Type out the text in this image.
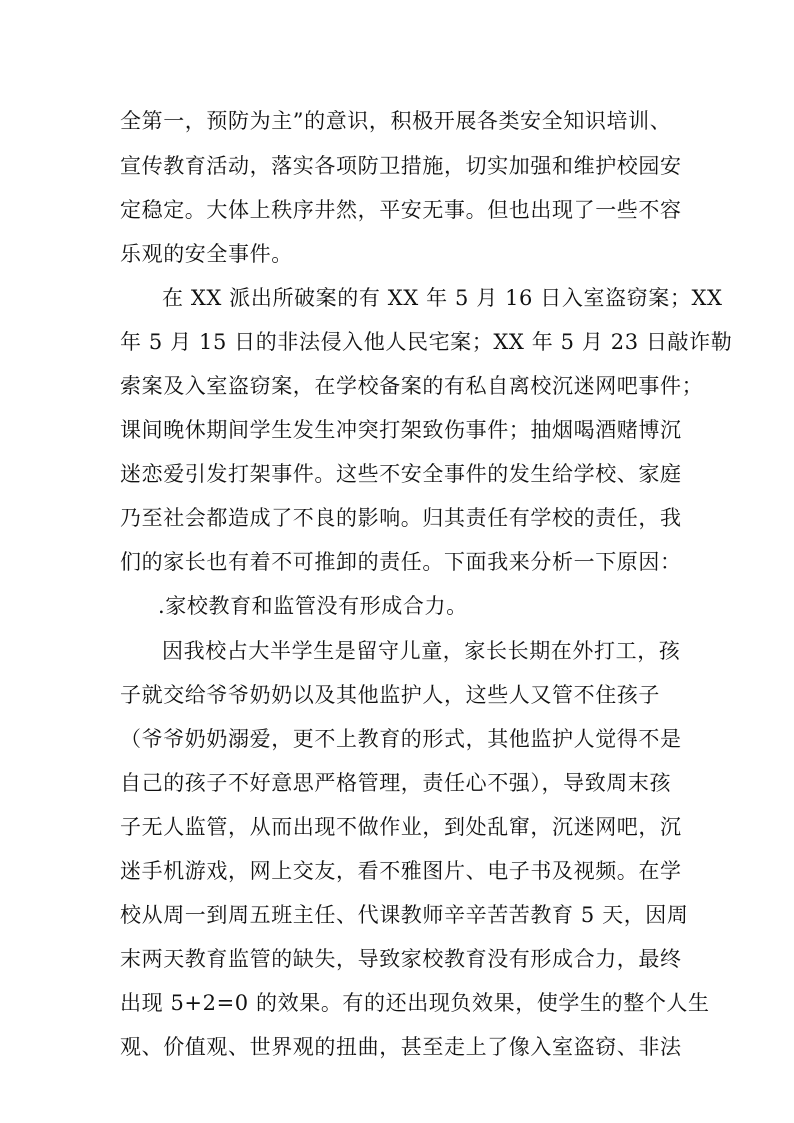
全第一，预防为主”的意识，积极开展各类安全知识培训、
宣传教育活动，落实各项防卫措施，切实加强和维护校园安
定稳定。大体上秩序井然，平安无事。但也出现了一些不容
乐观的安全事件。
在 XX 派出所破案的有 XX 年 5 月 16 日入室盗窃案；XX
年 5 月 15 日的非法侵入他人民宅案；XX 年 5 月 23 日敲诈勒
索案及入室盗窃案，在学校备案的有私自离校沉迷网吧事件；
课间晚休期间学生发生冲突打架致伤事件；抽烟喝酒赌博沉
迷恋爱引发打架事件。这些不安全事件的发生给学校、家庭
乃至社会都造成了不良的影响。归其责任有学校的责任，我
们的家长也有着不可推卸的责任。下面我来分析一下原因：
.家校教育和监管没有形成合力。
因我校占大半学生是留守儿童，家长长期在外打工，孩
子就交给爷爷奶奶以及其他监护人，这些人又管不住孩子
（爷爷奶奶溺爱，更不上教育的形式，其他监护人觉得不是
自己的孩子不好意思严格管理，责任心不强），导致周末孩
子无人监管，从而出现不做作业，到处乱窜，沉迷网吧，沉
迷手机游戏，网上交友，看不雅图片、电子书及视频。在学
校从周一到周五班主任、代课教师辛辛苦苦教育 5 天，因周
末两天教育监管的缺失，导致家校教育没有形成合力，最终
出现 5+2=0 的效果。有的还出现负效果，使学生的整个人生
观、价值观、世界观的扭曲，甚至走上了像入室盗窃、非法
